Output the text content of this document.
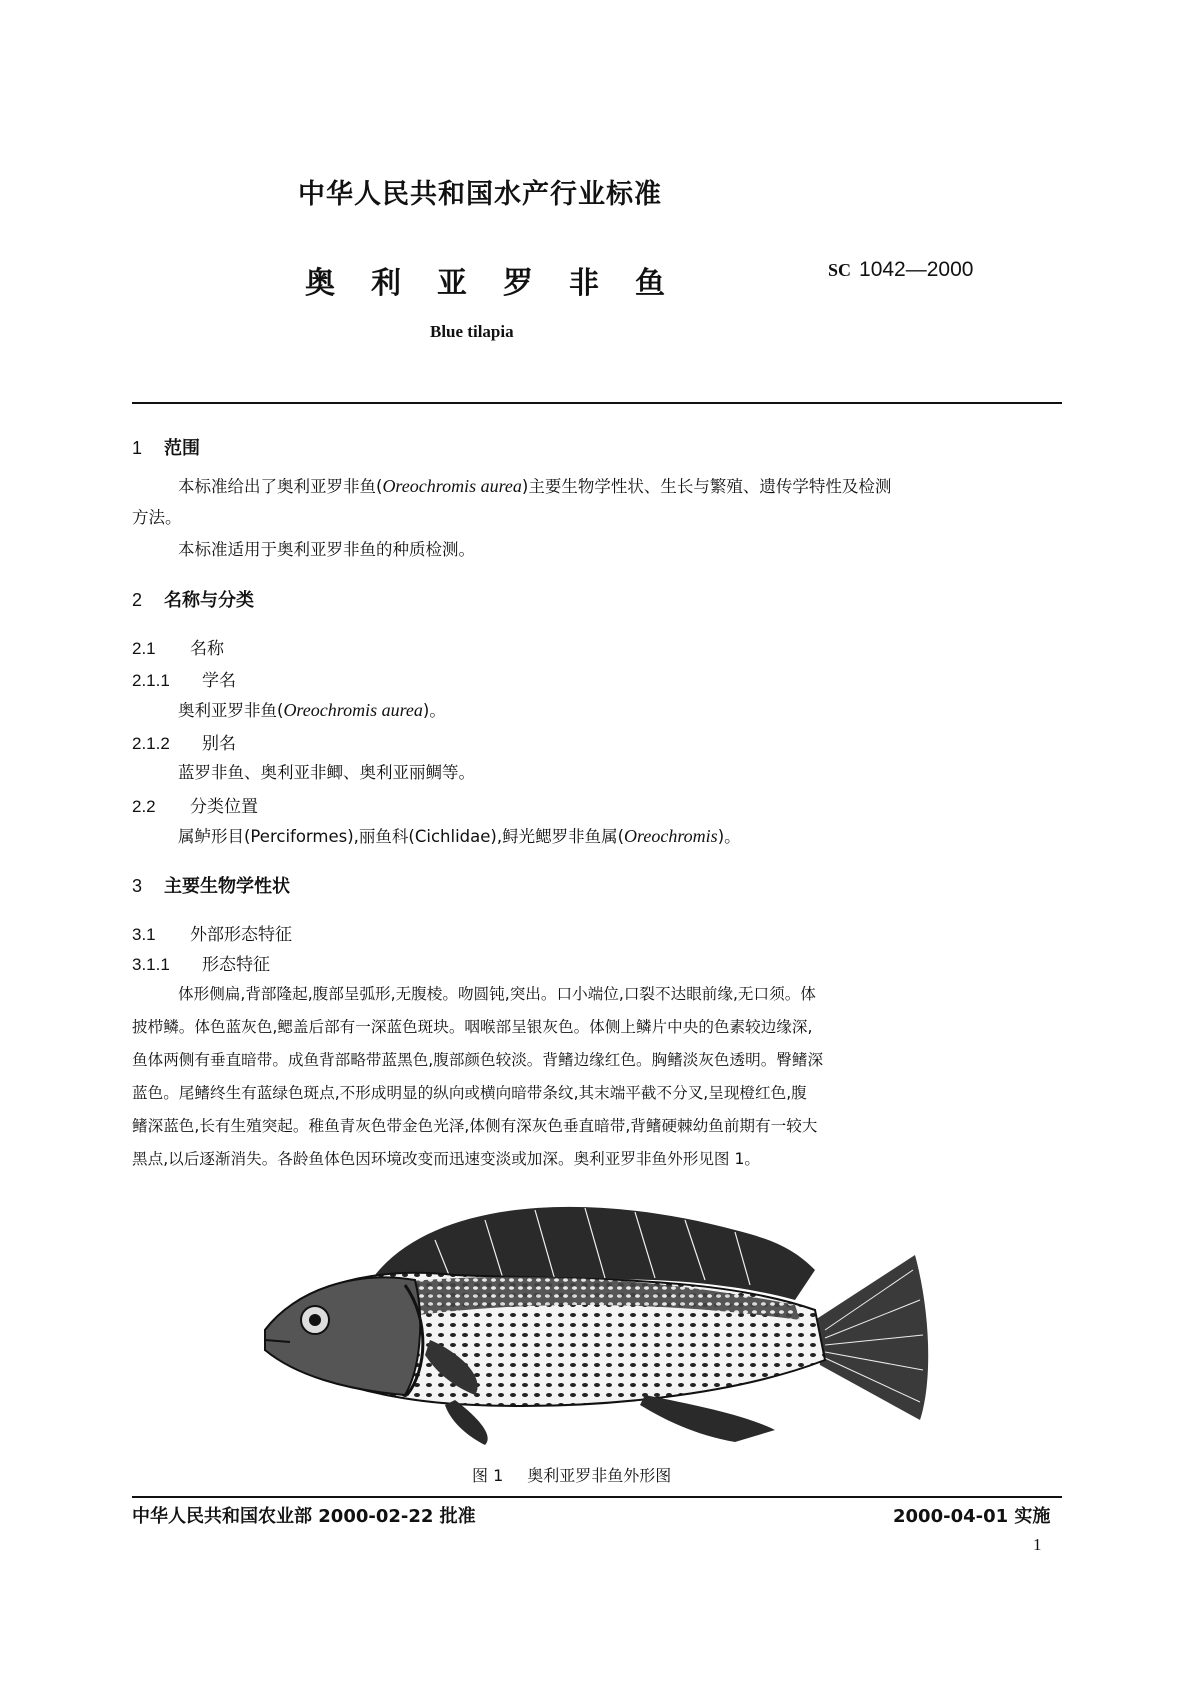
中华人民共和国水产行业标准
奥利亚罗非鱼	SC 1042—2000
Blue tilapia
1 范围
本标准给出了奥利亚罗非鱼(Oreochromis aurea)主要生物学性状、生长与繁殖、遗传学特性及检测
方法。
本标准适用于奥利亚罗非鱼的种质检测。
2 名称与分类
2.1 名称
2.1.1 学名
奥利亚罗非鱼(Oreochromis aurea)。
2.1.2 别名
蓝罗非鱼、奥利亚非鲫、奥利亚丽鲷等。
2.2 分类位置
属鲈形目(Perciformes),丽鱼科(Cichlidae),鲟光鳃罗非鱼属(Oreochromis)。
3 主要生物学性状
3.1 外部形态特征
3.1.1 形态特征
体形侧扁,背部隆起,腹部呈弧形,无腹棱。吻圆钝,突出。口小端位,口裂不达眼前缘,无口须。体
披栉鳞。体色蓝灰色,鳃盖后部有一深蓝色斑块。咽喉部呈银灰色。体侧上鳞片中央的色素较边缘深,
鱼体两侧有垂直暗带。成鱼背部略带蓝黑色,腹部颜色较淡。背鳍边缘红色。胸鳍淡灰色透明。臀鳍深
蓝色。尾鳍终生有蓝绿色斑点,不形成明显的纵向或横向暗带条纹,其末端平截不分叉,呈现橙红色,腹
鳍深蓝色,长有生殖突起。稚鱼青灰色带金色光泽,体侧有深灰色垂直暗带,背鳍硬棘幼鱼前期有一较大
黑点,以后逐渐消失。各龄鱼体色因环境改变而迅速变淡或加深。奥利亚罗非鱼外形见图 1。
图 1 奥利亚罗非鱼外形图
中华人民共和国农业部 2000-02-22 批准	2000-04-01 实施
1
